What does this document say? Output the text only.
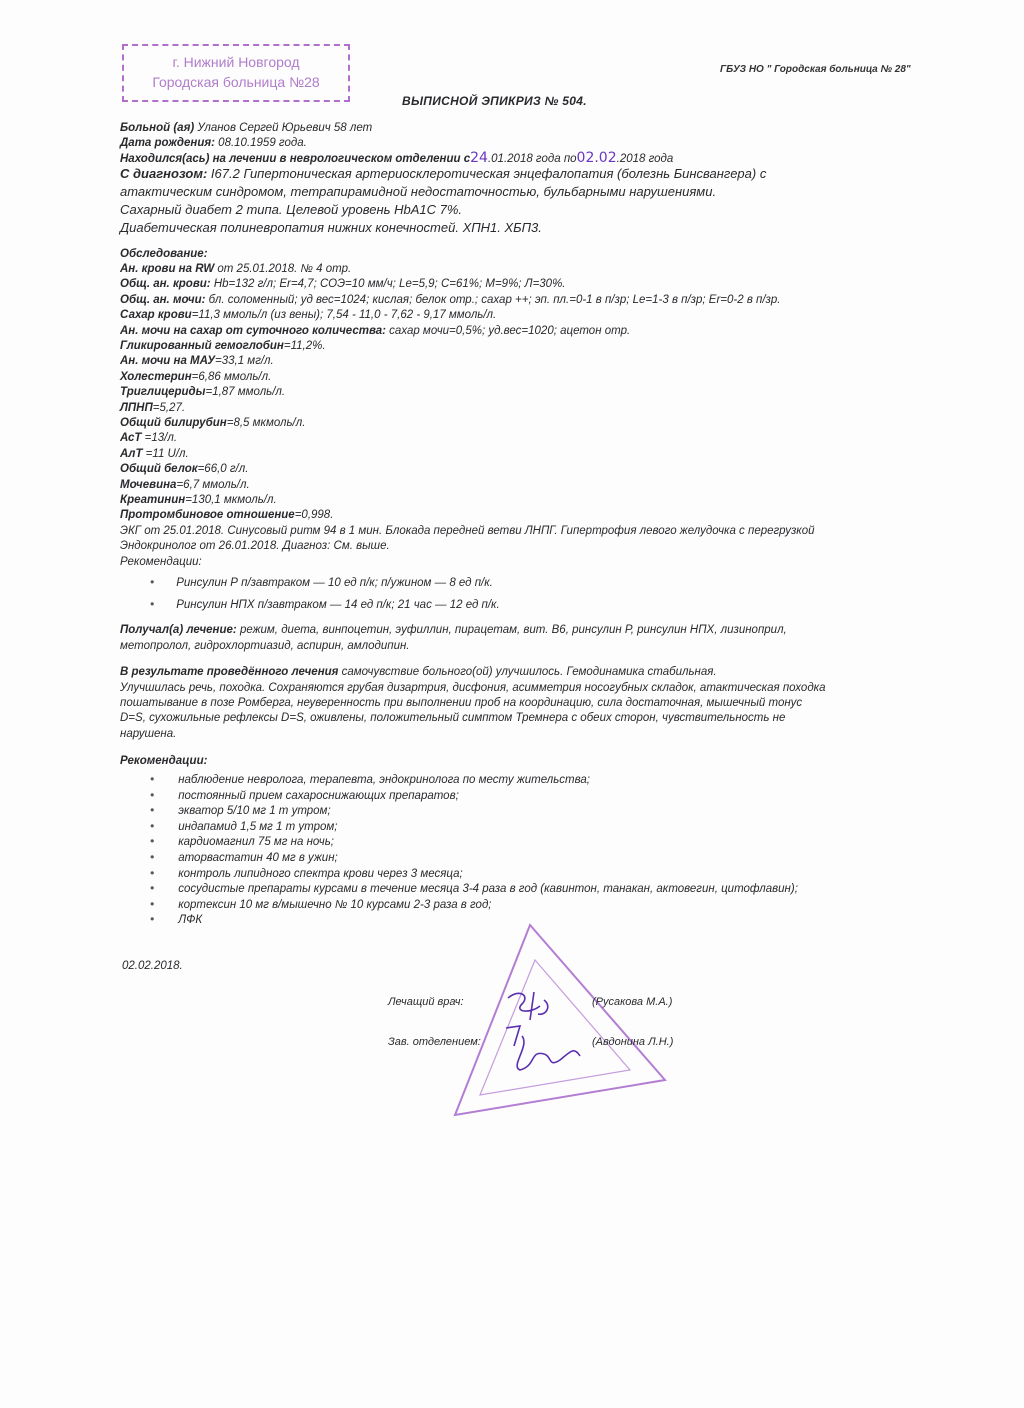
г. Нижний Новгород
Городская больница №28
ГБУЗ НО " Городская больница № 28"
ВЫПИСНОЙ ЭПИКРИЗ № 504.
Больной (ая) Уланов Сергей Юрьевич 58 лет
Дата рождения: 08.10.1959 года.
Находился(ась) на лечении в неврологическом отделении с24.01.2018 года по02.02.2018 года
С диагнозом: I67.2 Гипертоническая артериосклеротическая энцефалопатия (болезнь Бинсвангера) с
атактическим синдромом, тетрапирамидной недостаточностью, бульбарными нарушениями.
Сахарный диабет 2 типа. Целевой уровень HbA1C 7%.
Диабетическая полиневропатия нижних конечностей. ХПН1. ХБП3.
Обследование:
Ан. крови на RW от 25.01.2018. № 4 отр.
Общ. ан. крови: Hb=132 г/л; Er=4,7; СОЭ=10 мм/ч; Le=5,9; С=61%; М=9%; Л=30%.
Общ. ан. мочи: бл. соломенный; уд вес=1024; кислая; белок отр.; сахар ++; эп. пл.=0-1 в п/зр; Le=1-3 в п/зр; Er=0-2 в п/зр.
Сахар крови=11,3 ммоль/л (из вены); 7,54 - 11,0 - 7,62 - 9,17 ммоль/л.
Ан. мочи на сахар от суточного количества: сахар мочи=0,5%; уд.вес=1020; ацетон отр.
Гликированный гемоглобин=11,2%.
Ан. мочи на МАУ=33,1 мг/л.
Холестерин=6,86 ммоль/л.
Триглицериды=1,87 ммоль/л.
ЛПНП=5,27.
Общий билирубин=8,5 мкмоль/л.
АсТ =13/л.
АлТ =11 U/л.
Общий белок=66,0 г/л.
Мочевина=6,7 ммоль/л.
Креатинин=130,1 мкмоль/л.
Протромбиновое отношение=0,998.
ЭКГ от 25.01.2018. Синусовый ритм 94 в 1 мин. Блокада передней ветви ЛНПГ. Гипертрофия левого желудочка с перегрузкой
Эндокринолог от 26.01.2018. Диагноз: См. выше.
Рекомендации:
• Ринсулин Р п/завтраком — 10 ед п/к; п/ужином — 8 ед п/к.
• Ринсулин НПХ п/завтраком — 14 ед п/к; 21 час — 12 ед п/к.
Получал(а) лечение: режим, диета, винпоцетин, эуфиллин, пирацетам, вит. В6, ринсулин Р, ринсулин НПХ, лизиноприл,
метопролол, гидрохлортиазид, аспирин, амлодипин.
В результате проведённого лечения самочувствие больного(ой) улучшилось. Гемодинамика стабильная.
Улучшилась речь, походка. Сохраняются грубая дизартрия, дисфония, асимметрия носогубных складок, атактическая походка
пошатывание в позе Ромберга, неуверенность при выполнении проб на координацию, сила достаточная, мышечный тонус
D=S, сухожильные рефлексы D=S, оживлены, положительный симптом Тремнера с обеих сторон, чувствительность не
нарушена.
Рекомендации:
• наблюдение невролога, терапевта, эндокринолога по месту жительства;
• постоянный прием сахароснижающих препаратов;
• экватор 5/10 мг 1 т утром;
• индапамид 1,5 мг 1 т утром;
• кардиомагнил 75 мг на ночь;
• аторвастатин 40 мг в ужин;
• контроль липидного спектра крови через 3 месяца;
• сосудистые препараты курсами в течение месяца 3-4 раза в год (кавинтон, танакан, актовегин, цитофлавин);
• кортексин 10 мг в/мышечно № 10 курсами 2-3 раза в год;
• ЛФК
02.02.2018.
Лечащий врач:	(Русакова М.А.)
Зав. отделением:	(Авдонина Л.Н.)
